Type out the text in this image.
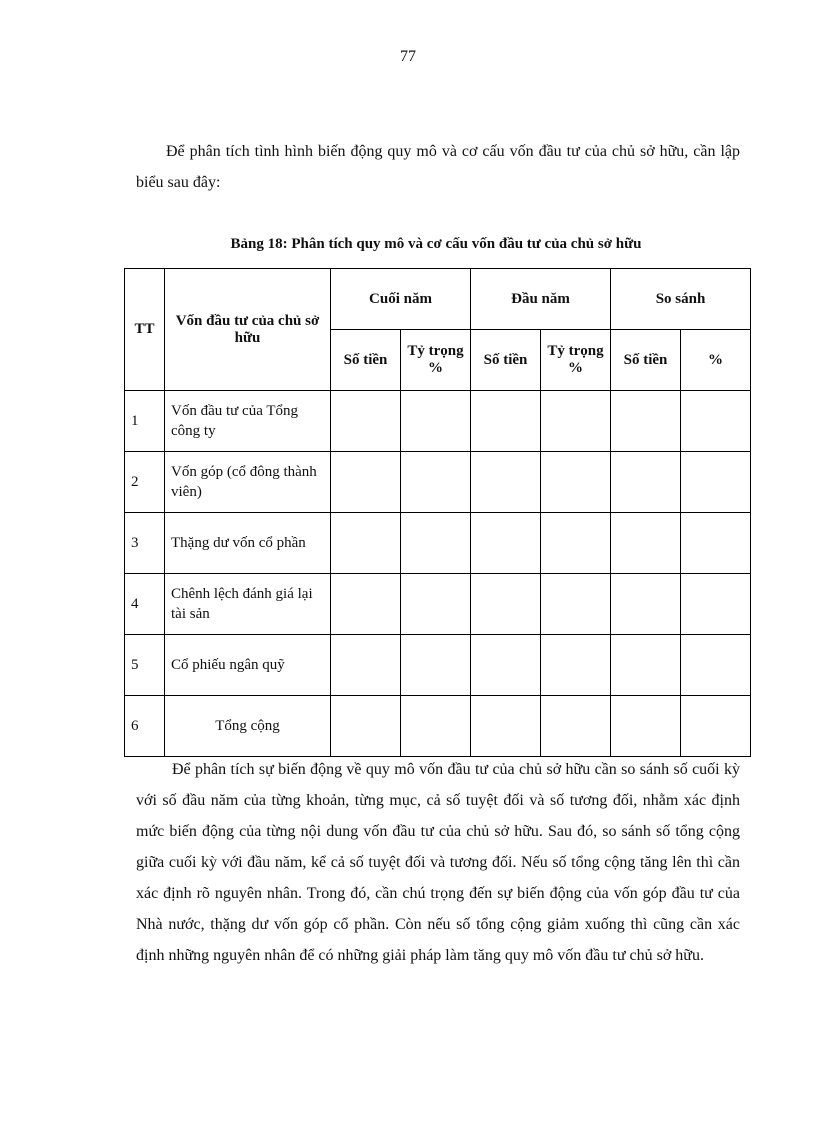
77

Để phân tích tình hình biến động quy mô và cơ cấu vốn đầu tư của chủ sở hữu, cần lập biểu sau đây:

Bảng 18: Phân tích quy mô và cơ cấu vốn đầu tư của chủ sở hữu
TT	Vốn đầu tư của chủ sở hữu	Cuối năm		Đầu năm		So sánh	
		Số tiền	Tỷ trọng %	Số tiền	Tỷ trọng %	Số tiền	%
1	Vốn đầu tư của Tổng công ty						
2	Vốn góp (cổ đông thành viên)						
3	Thặng dư vốn cổ phần						
4	Chênh lệch đánh giá lại tài sản						
5	Cổ phiếu ngân quỹ						
6	Tổng cộng						

Để phân tích sự biến động về quy mô vốn đầu tư của chủ sở hữu cần so sánh số cuối kỳ với số đầu năm của từng khoản, từng mục, cả số tuyệt đối và số tương đối, nhằm xác định mức biến động của từng nội dung vốn đầu tư của chủ sở hữu. Sau đó, so sánh số tổng cộng giữa cuối kỳ với đầu năm, kể cả số tuyệt đối và tương đối. Nếu số tổng cộng tăng lên thì cần xác định rõ nguyên nhân. Trong đó, cần chú trọng đến sự biến động của vốn góp đầu tư của Nhà nước, thặng dư vốn góp cổ phần. Còn nếu số tổng cộng giảm xuống thì cũng cần xác định những nguyên nhân để có những giải pháp làm tăng quy mô vốn đầu tư chủ sở hữu.
